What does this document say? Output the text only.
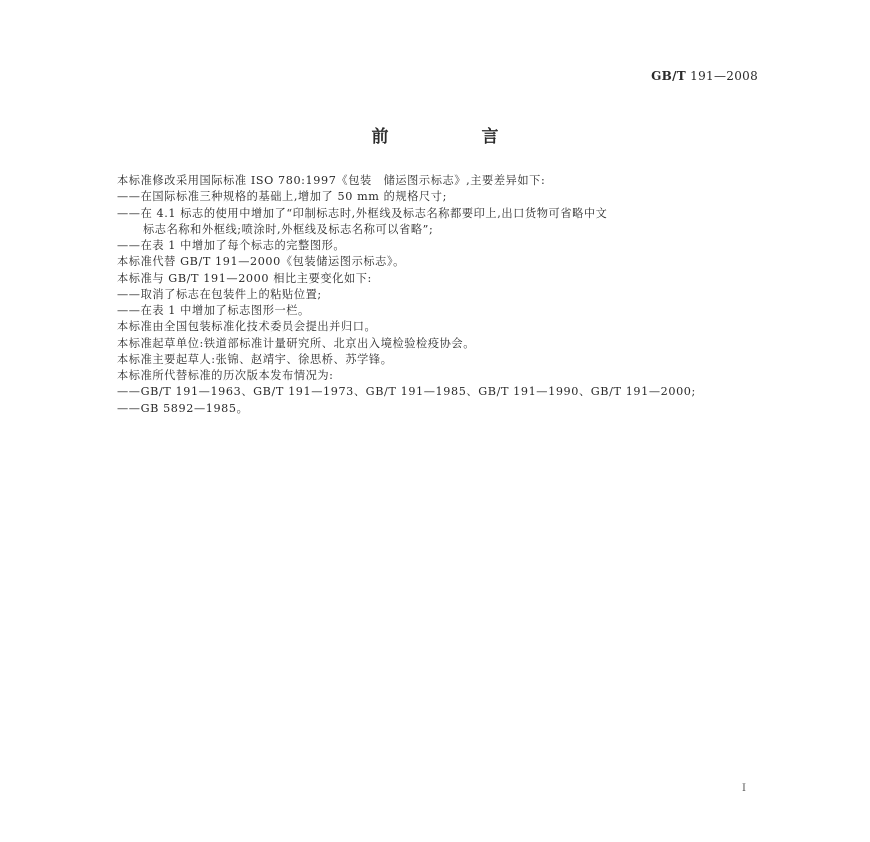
GB/T 191—2008
前　言
本标准修改采用国际标准 ISO 780:1997《包装　储运图示标志》,主要差异如下:
——在国际标准三种规格的基础上,增加了 50 mm 的规格尺寸;
——在 4.1 标志的使用中增加了“印制标志时,外框线及标志名称都要印上,出口货物可省略中文
标志名称和外框线;喷涂时,外框线及标志名称可以省略”;
——在表 1 中增加了每个标志的完整图形。
本标准代替 GB/T 191—2000《包装储运图示标志》。
本标准与 GB/T 191—2000 相比主要变化如下:
——取消了标志在包装件上的粘贴位置;
——在表 1 中增加了标志图形一栏。
本标准由全国包装标准化技术委员会提出并归口。
本标准起草单位:铁道部标准计量研究所、北京出入境检验检疫协会。
本标准主要起草人:张锦、赵靖宇、徐思桥、苏学锋。
本标准所代替标准的历次版本发布情况为:
——GB/T 191—1963、GB/T 191—1973、GB/T 191—1985、GB/T 191—1990、GB/T 191—2000;
——GB 5892—1985。
I
